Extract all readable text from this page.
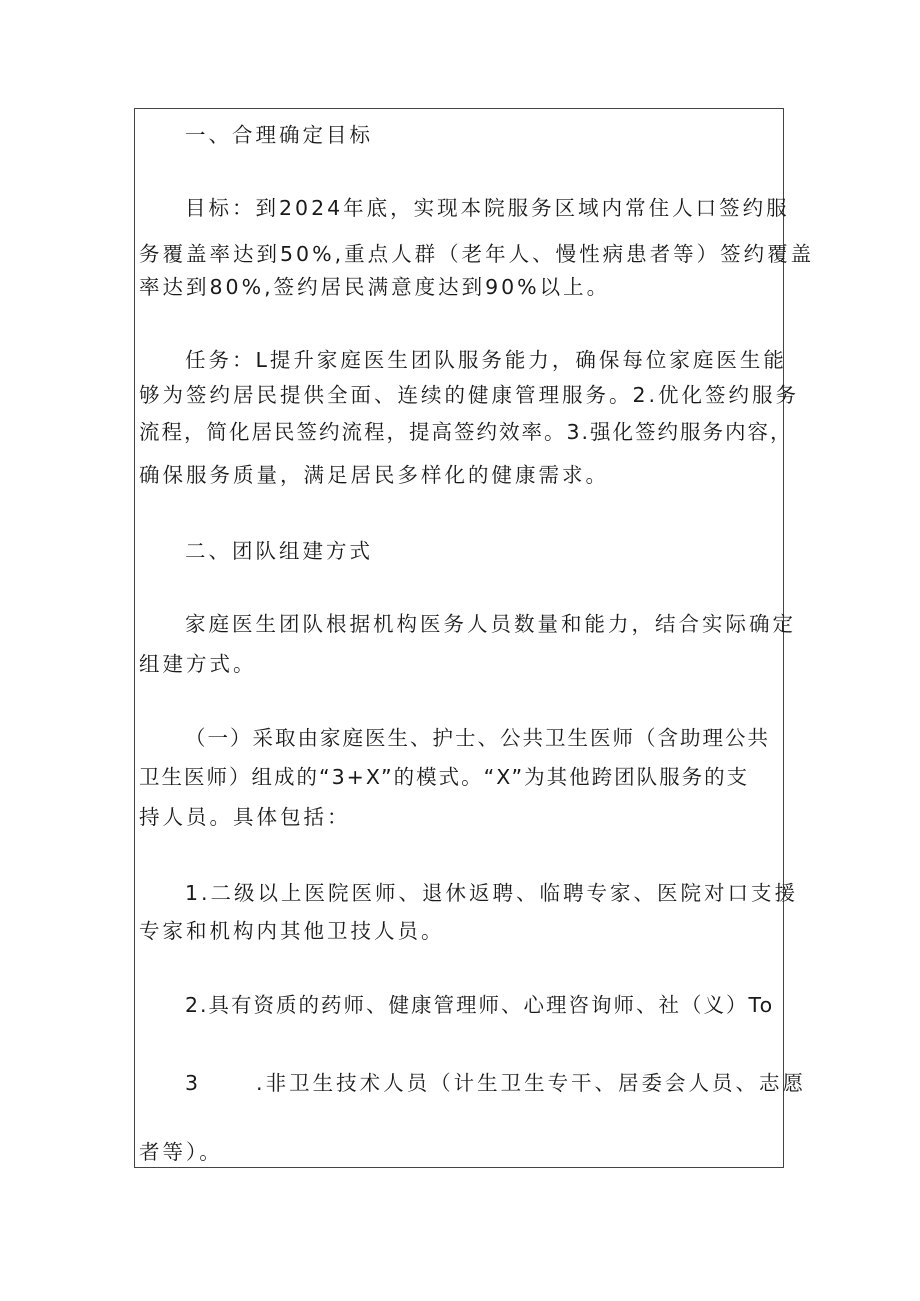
一、合理确定目标
目标：到2024年底，实现本院服务区域内常住人口签约服
务覆盖率达到50%,重点人群（老年人、慢性病患者等）签约覆盖
率达到80%,签约居民满意度达到90%以上。
任务：L提升家庭医生团队服务能力，确保每位家庭医生能
够为签约居民提供全面、连续的健康管理服务。2.优化签约服务
流程，简化居民签约流程，提高签约效率。3.强化签约服务内容，
确保服务质量，满足居民多样化的健康需求。
二、团队组建方式
家庭医生团队根据机构医务人员数量和能力，结合实际确定
组建方式。
（一）采取由家庭医生、护士、公共卫生医师（含助理公共
卫生医师）组成的“3+X”的模式。“X”为其他跨团队服务的支
持人员。具体包括：
1.二级以上医院医师、退休返聘、临聘专家、医院对口支援
专家和机构内其他卫技人员。
2.具有资质的药师、健康管理师、心理咨询师、社（义）To
3	.非卫生技术人员（计生卫生专干、居委会人员、志愿
者等）。
